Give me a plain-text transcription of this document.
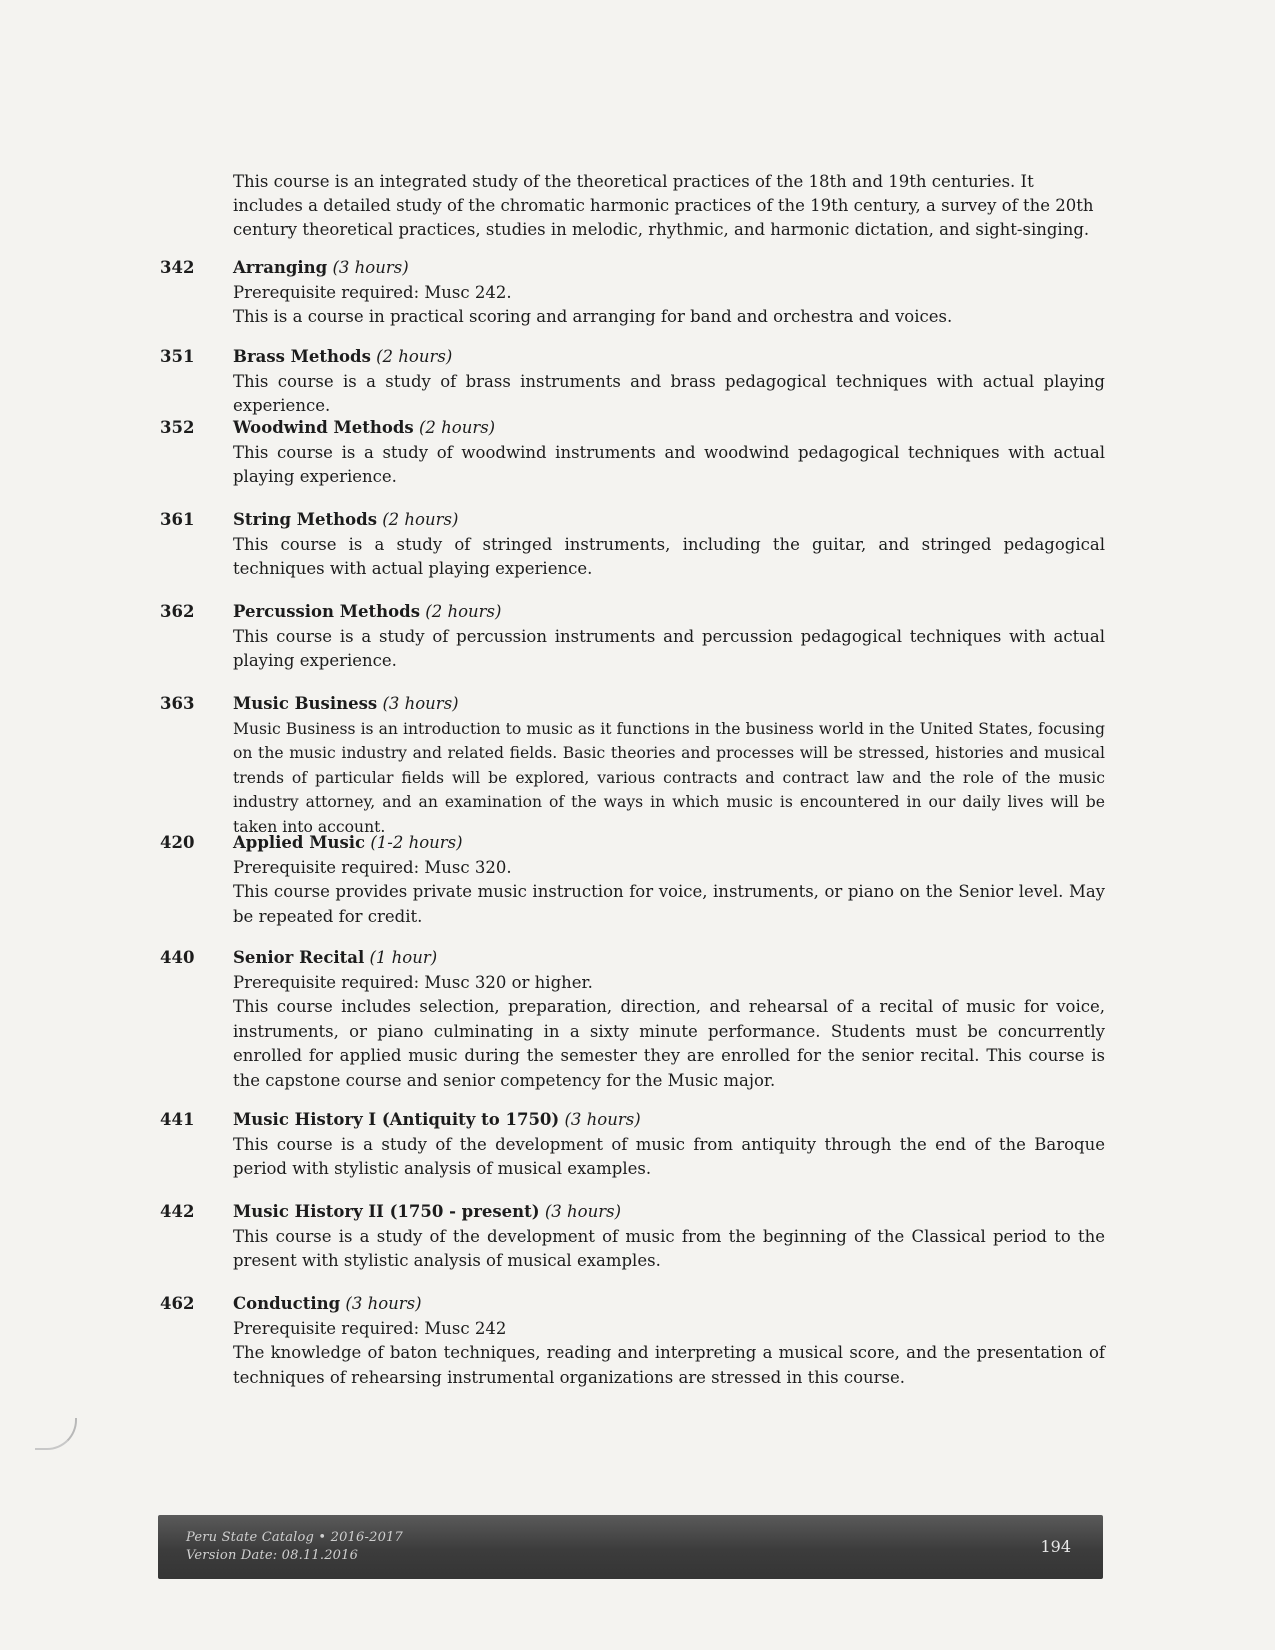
This course is an integrated study of the theoretical practices of the 18th and 19th centuries. It includes a detailed study of the chromatic harmonic practices of the 19th century, a survey of the 20th century theoretical practices, studies in melodic, rhythmic, and harmonic dictation, and sight-singing.

342	Arranging (3 hours)
Prerequisite required: Musc 242.
This is a course in practical scoring and arranging for band and orchestra and voices.
351	Brass Methods (2 hours)
This course is a study of brass instruments and brass pedagogical techniques with actual playing experience.
352	Woodwind Methods (2 hours)
This course is a study of woodwind instruments and woodwind pedagogical techniques with actual playing experience.
361	String Methods (2 hours)
This course is a study of stringed instruments, including the guitar, and stringed pedagogical techniques with actual playing experience.
362	Percussion Methods (2 hours)
This course is a study of percussion instruments and percussion pedagogical techniques with actual playing experience.
363	Music Business (3 hours)
Music Business is an introduction to music as it functions in the business world in the United States, focusing on the music industry and related fields. Basic theories and processes will be stressed, histories and musical trends of particular fields will be explored, various contracts and contract law and the role of the music industry attorney, and an examination of the ways in which music is encountered in our daily lives will be taken into account.
420	Applied Music (1-2 hours)
Prerequisite required: Musc 320.
This course provides private music instruction for voice, instruments, or piano on the Senior level. May be repeated for credit.
440	Senior Recital (1 hour)
Prerequisite required: Musc 320 or higher.
This course includes selection, preparation, direction, and rehearsal of a recital of music for voice, instruments, or piano culminating in a sixty minute performance. Students must be concurrently enrolled for applied music during the semester they are enrolled for the senior recital. This course is the capstone course and senior competency for the Music major.
441	Music History I (Antiquity to 1750) (3 hours)
This course is a study of the development of music from antiquity through the end of the Baroque period with stylistic analysis of musical examples.
442	Music History II (1750 - present) (3 hours)
This course is a study of the development of music from the beginning of the Classical period to the present with stylistic analysis of musical examples.
462	Conducting (3 hours)
Prerequisite required: Musc 242
The knowledge of baton techniques, reading and interpreting a musical score, and the presentation of techniques of rehearsing instrumental organizations are stressed in this course.
Peru State Catalog • 2016-2017
Version Date: 08.11.2016	194
